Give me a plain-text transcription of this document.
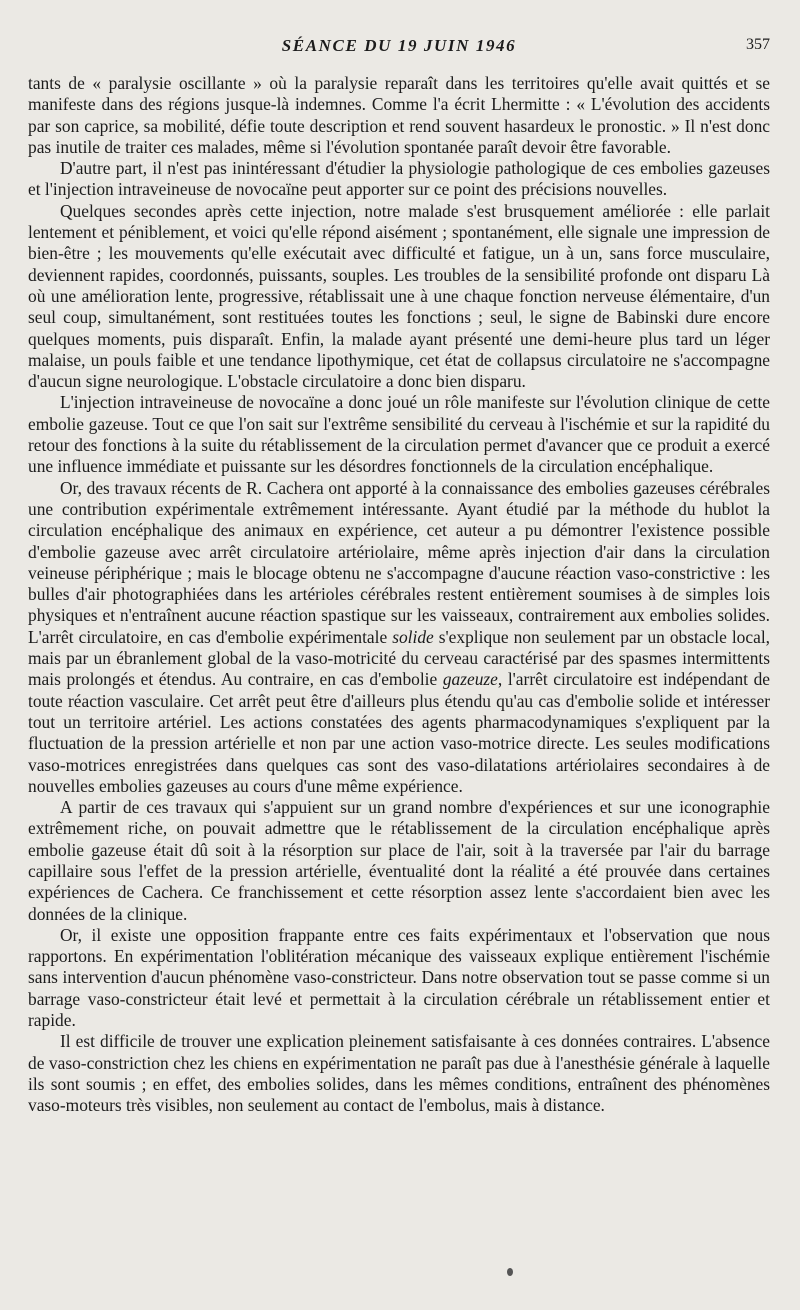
SÉANCE DU 19 JUIN 1946	357

tants de « paralysie oscillante » où la paralysie reparaît dans les territoires qu'elle avait quittés et se manifeste dans des régions jusque-là indemnes. Comme l'a écrit Lhermitte : « L'évolution des accidents par son caprice, sa mobilité, défie toute description et rend souvent hasardeux le pronostic. » Il n'est donc pas inutile de traiter ces malades, même si l'évolution spontanée paraît devoir être favorable.

D'autre part, il n'est pas inintéressant d'étudier la physiologie pathologique de ces embolies gazeuses et l'injection intraveineuse de novocaïne peut apporter sur ce point des précisions nouvelles.

Quelques secondes après cette injection, notre malade s'est brusquement améliorée : elle parlait lentement et péniblement, et voici qu'elle répond aisément ; spontanément, elle signale une impression de bien-être ; les mouvements qu'elle exécutait avec difficulté et fatigue, un à un, sans force musculaire, deviennent rapides, coordonnés, puissants, souples. Les troubles de la sensibilité profonde ont disparu Là où une amélioration lente, progressive, rétablissait une à une chaque fonction nerveuse élémentaire, d'un seul coup, simultanément, sont restituées toutes les fonctions ; seul, le signe de Babinski dure encore quelques moments, puis disparaît. Enfin, la malade ayant présenté une demi-heure plus tard un léger malaise, un pouls faible et une tendance lipothymique, cet état de collapsus circulatoire ne s'accompagne d'aucun signe neurologique. L'obstacle circulatoire a donc bien disparu.

L'injection intraveineuse de novocaïne a donc joué un rôle manifeste sur l'évolution clinique de cette embolie gazeuse. Tout ce que l'on sait sur l'extrême sensibilité du cerveau à l'ischémie et sur la rapidité du retour des fonctions à la suite du rétablissement de la circulation permet d'avancer que ce produit a exercé une influence immédiate et puissante sur les désordres fonctionnels de la circulation encéphalique.

Or, des travaux récents de R. Cachera ont apporté à la connaissance des embolies gazeuses cérébrales une contribution expérimentale extrêmement intéressante. Ayant étudié par la méthode du hublot la circulation encéphalique des animaux en expérience, cet auteur a pu démontrer l'existence possible d'embolie gazeuse avec arrêt circulatoire artériolaire, même après injection d'air dans la circulation veineuse périphérique ; mais le blocage obtenu ne s'accompagne d'aucune réaction vaso-constrictive : les bulles d'air photographiées dans les artérioles cérébrales restent entièrement soumises à de simples lois physiques et n'entraînent aucune réaction spastique sur les vaisseaux, contrairement aux embolies solides. L'arrêt circulatoire, en cas d'embolie expérimentale solide s'explique non seulement par un obstacle local, mais par un ébranlement global de la vaso-motricité du cerveau caractérisé par des spasmes intermittents mais prolongés et étendus. Au contraire, en cas d'embolie gazeuze, l'arrêt circulatoire est indépendant de toute réaction vasculaire. Cet arrêt peut être d'ailleurs plus étendu qu'au cas d'embolie solide et intéresser tout un territoire artériel. Les actions constatées des agents pharmacodynamiques s'expliquent par la fluctuation de la pression artérielle et non par une action vaso-motrice directe. Les seules modifications vaso-motrices enregistrées dans quelques cas sont des vaso-dilatations artériolaires secondaires à de nouvelles embolies gazeuses au cours d'une même expérience.

A partir de ces travaux qui s'appuient sur un grand nombre d'expériences et sur une iconographie extrêmement riche, on pouvait admettre que le rétablissement de la circulation encéphalique après embolie gazeuse était dû soit à la résorption sur place de l'air, soit à la traversée par l'air du barrage capillaire sous l'effet de la pression artérielle, éventualité dont la réalité a été prouvée dans certaines expériences de Cachera. Ce franchissement et cette résorption assez lente s'accordaient bien avec les données de la clinique.

Or, il existe une opposition frappante entre ces faits expérimentaux et l'observation que nous rapportons. En expérimentation l'oblitération mécanique des vaisseaux explique entièrement l'ischémie sans intervention d'aucun phénomène vaso-constricteur. Dans notre observation tout se passe comme si un barrage vaso-constricteur était levé et permettait à la circulation cérébrale un rétablissement entier et rapide.

Il est difficile de trouver une explication pleinement satisfaisante à ces données contraires. L'absence de vaso-constriction chez les chiens en expérimentation ne paraît pas due à l'anesthésie générale à laquelle ils sont soumis ; en effet, des embolies solides, dans les mêmes conditions, entraînent des phénomènes vaso-moteurs très visibles, non seulement au contact de l'embolus, mais à distance.
